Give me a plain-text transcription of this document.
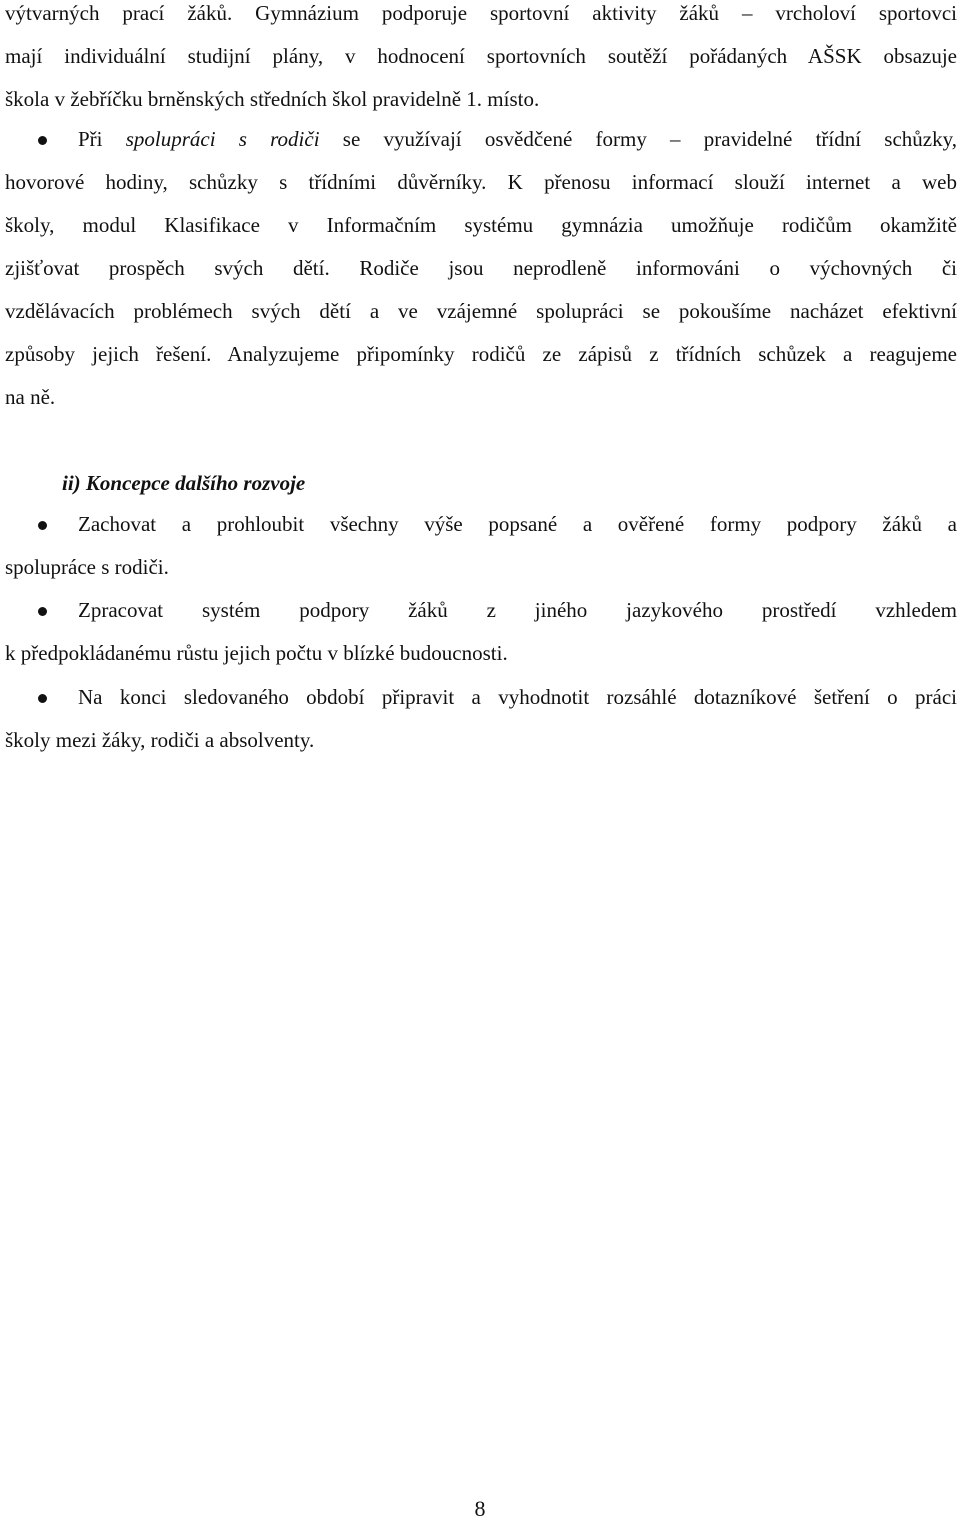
výtvarných prací žáků. Gymnázium podporuje sportovní aktivity žáků – vrcholoví sportovci
mají individuální studijní plány, v hodnocení sportovních soutěží pořádaných AŠSK obsazuje
škola v žebříčku brněnských středních škol pravidelně 1. místo.

Při spolupráci s rodiči se využívají osvědčené formy – pravidelné třídní schůzky,
hovorové hodiny, schůzky s třídními důvěrníky. K přenosu informací slouží internet a web
školy, modul Klasifikace v Informačním systému gymnázia umožňuje rodičům okamžitě
zjišťovat prospěch svých dětí. Rodiče jsou neprodleně informováni o výchovných či
vzdělávacích problémech svých dětí a ve vzájemné spolupráci se pokoušíme nacházet efektivní
způsoby jejich řešení. Analyzujeme připomínky rodičů ze zápisů z třídních schůzek a reagujeme
na ně.

ii) Koncepce dalšího rozvoje

Zachovat a prohloubit všechny výše popsané a ověřené formy podpory žáků a
spolupráce s rodiči.

Zpracovat systém podpory žáků z jiného jazykového prostředí vzhledem
k předpokládanému růstu jejich počtu v blízké budoucnosti.

Na konci sledovaného období připravit a vyhodnotit rozsáhlé dotazníkové šetření o práci
školy mezi žáky, rodiči a absolventy.

8
